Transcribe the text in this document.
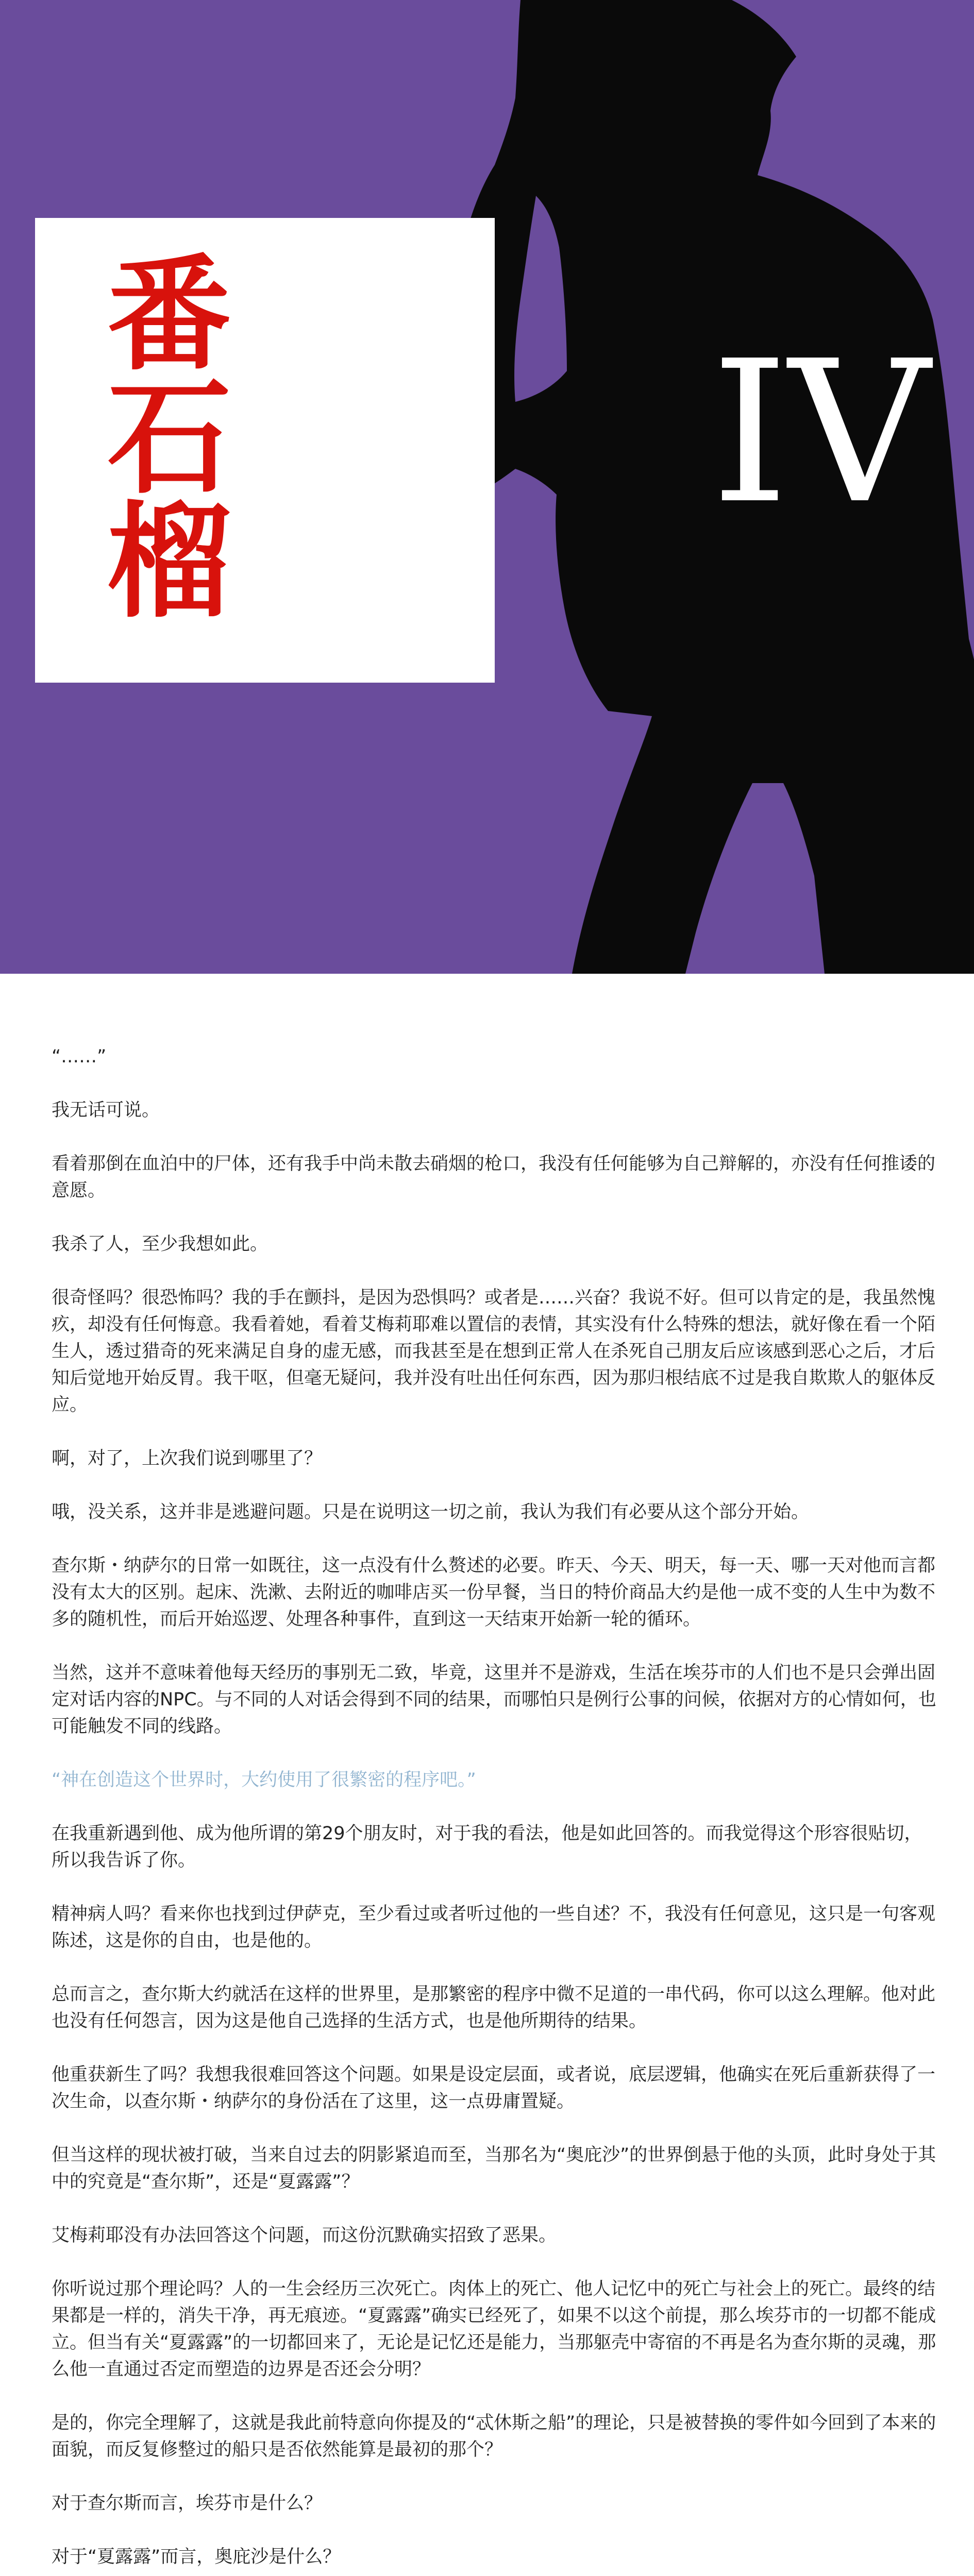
番石榴 IV

“……”

我无话可说。

看着那倒在血泊中的尸体，还有我手中尚未散去硝烟的枪口，我没有任何能够为自己辩解的，亦没有任何推诿的意愿。

我杀了人，至少我想如此。

很奇怪吗？很恐怖吗？我的手在颤抖，是因为恐惧吗？或者是……兴奋？我说不好。但可以肯定的是，我虽然愧疚，却没有任何悔意。我看着她，看着艾梅莉耶难以置信的表情，其实没有什么特殊的想法，就好像在看一个陌生人，透过猎奇的死来满足自身的虚无感，而我甚至是在想到正常人在杀死自己朋友后应该感到恶心之后，才后知后觉地开始反胃。我干呕，但毫无疑问，我并没有吐出任何东西，因为那归根结底不过是我自欺欺人的躯体反应。

啊，对了，上次我们说到哪里了？

哦，没关系，这并非是逃避问题。只是在说明这一切之前，我认为我们有必要从这个部分开始。

查尔斯・纳萨尔的日常一如既往，这一点没有什么赘述的必要。昨天、今天、明天，每一天、哪一天对他而言都没有太大的区别。起床、洗漱、去附近的咖啡店买一份早餐，当日的特价商品大约是他一成不变的人生中为数不多的随机性，而后开始巡逻、处理各种事件，直到这一天结束开始新一轮的循环。

当然，这并不意味着他每天经历的事别无二致，毕竟，这里并不是游戏，生活在埃芬市的人们也不是只会弹出固定对话内容的NPC。与不同的人对话会得到不同的结果，而哪怕只是例行公事的问候，依据对方的心情如何，也可能触发不同的线路。

“神在创造这个世界时，大约使用了很繁密的程序吧。”

在我重新遇到他、成为他所谓的第29个朋友时，对于我的看法，他是如此回答的。而我觉得这个形容很贴切，所以我告诉了你。

精神病人吗？看来你也找到过伊萨克，至少看过或者听过他的一些自述？不，我没有任何意见，这只是一句客观陈述，这是你的自由，也是他的。

总而言之，查尔斯大约就活在这样的世界里，是那繁密的程序中微不足道的一串代码，你可以这么理解。他对此也没有任何怨言，因为这是他自己选择的生活方式，也是他所期待的结果。

他重获新生了吗？我想我很难回答这个问题。如果是设定层面，或者说，底层逻辑，他确实在死后重新获得了一次生命，以查尔斯・纳萨尔的身份活在了这里，这一点毋庸置疑。

但当这样的现状被打破，当来自过去的阴影紧追而至，当那名为“奥庇沙”的世界倒悬于他的头顶，此时身处于其中的究竟是“查尔斯”，还是“夏露露”？

艾梅莉耶没有办法回答这个问题，而这份沉默确实招致了恶果。

你听说过那个理论吗？人的一生会经历三次死亡。肉体上的死亡、他人记忆中的死亡与社会上的死亡。最终的结果都是一样的，消失干净，再无痕迹。“夏露露”确实已经死了，如果不以这个前提，那么埃芬市的一切都不能成立。但当有关“夏露露”的一切都回来了，无论是记忆还是能力，当那躯壳中寄宿的不再是名为查尔斯的灵魂，那么他一直通过否定而塑造的边界是否还会分明？

是的，你完全理解了，这就是我此前特意向你提及的“忒休斯之船”的理论，只是被替换的零件如今回到了本来的面貌，而反复修整过的船只是否依然能算是最初的那个？

对于查尔斯而言，埃芬市是什么？

对于“夏露露”而言，奥庇沙是什么？
